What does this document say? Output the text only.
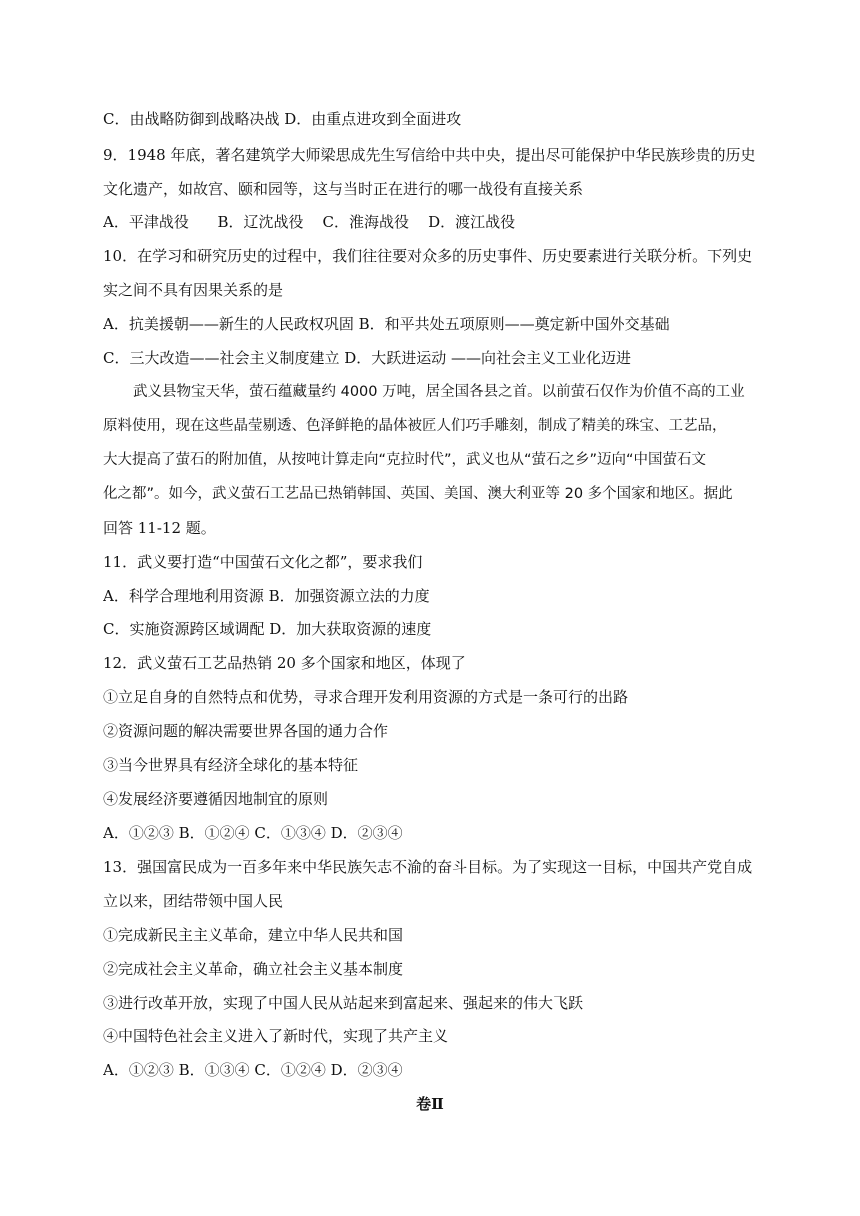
C．由战略防御到战略决战 D．由重点进攻到全面进攻
9．1948 年底，著名建筑学大师梁思成先生写信给中共中央，提出尽可能保护中华民族珍贵的历史
文化遗产，如故宫、颐和园等，这与当时正在进行的哪一战役有直接关系
A．平津战役      B．辽沈战役    C．淮海战役    D．渡江战役
10．在学习和研究历史的过程中，我们往往要对众多的历史事件、历史要素进行关联分析。下列史
实之间不具有因果关系的是
A．抗美援朝——新生的人民政权巩固 B．和平共处五项原则——奠定新中国外交基础
C．三大改造——社会主义制度建立 D．大跃进运动 ——向社会主义工业化迈进
武义县物宝天华，萤石蕴藏量约 4000 万吨，居全国各县之首。以前萤石仅作为价值不高的工业
原料使用，现在这些晶莹剔透、色泽鲜艳的晶体被匠人们巧手雕刻，制成了精美的珠宝、工艺品，
大大提高了萤石的附加值，从按吨计算走向“克拉时代”，武义也从“萤石之乡”迈向“中国萤石文
化之都”。如今，武义萤石工艺品已热销韩国、英国、美国、澳大利亚等 20 多个国家和地区。据此
回答 11-12 题。
11．武义要打造“中国萤石文化之都”，要求我们
A．科学合理地利用资源 B．加强资源立法的力度
C．实施资源跨区域调配 D．加大获取资源的速度
12．武义萤石工艺品热销 20 多个国家和地区，体现了
①立足自身的自然特点和优势，寻求合理开发利用资源的方式是一条可行的出路
②资源问题的解决需要世界各国的通力合作
③当今世界具有经济全球化的基本特征
④发展经济要遵循因地制宜的原则
A．①②③ B．①②④ C．①③④ D．②③④
13．强国富民成为一百多年来中华民族矢志不渝的奋斗目标。为了实现这一目标，中国共产党自成
立以来，团结带领中国人民
①完成新民主主义革命，建立中华人民共和国
②完成社会主义革命，确立社会主义基本制度
③进行改革开放，实现了中国人民从站起来到富起来、强起来的伟大飞跃
④中国特色社会主义进入了新时代，实现了共产主义
A．①②③ B．①③④ C．①②④ D．②③④
卷Ⅱ
